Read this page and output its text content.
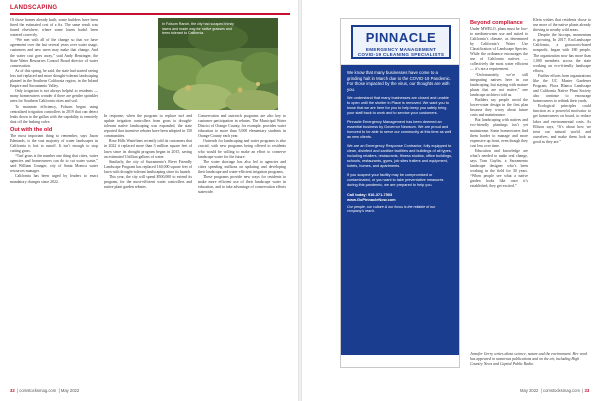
LANDSCAPING

Of those homes already built, some builders have been fined the estimated cost of a fix. The same result was found elsewhere, where some lawns hadn't been watered correctly.

“We met with all of the change so that we have agreement over the last several years over water usage, customers and new users may make that change. And the water cost goes away,” said Andy Benzinger, the State Water Resources Control Board director of water conservation.

As of this spring, he said, the state had started seeing less turf replaced and more drought-tolerant landscaping planted in the Southern California region, in the Inland Empire and Sacramento Valley.

Only irrigation is not always helpful to residents — many homeowners wonder if there are gentler sprinkler rates for Southern California cities and soil.

To maintain efficiency, Folsom began using centralized irrigation controllers in 2019 that can detect leaks down to the gallon with the capability to remotely shut off the leaking valve.

Out with the old

The most important thing to remember, says Jason Edmonds, is the vast majority of water landscapes in California is lost to runoff. It isn’t enough to stop cutting grass.

“Turf grass is the number one thing that cities, water agencies and homeowners can do to cut water waste,” said William Granger, city of Santa Monica water resources manager.

California has been urged by leaders to enact mandatory changes since 2022.

In Folsom Ranch, the city had scraped thirsty lawns and made way for native grasses and trees tolerant to California.

In response, when the program to replace turf and update irrigation controllers from grass to drought-tolerant native landscaping was expanded, the state reported that incentive rebates have been adopted in 150 communities.

Rose Hills Waterlines recently told its customers that in 2022 it replaced more than 3 million square feet of lawn since its drought program began in 2015, saving an estimated 3 billion gallons of water.

Similarly, the city of Sacramento's River Friendly Landscape Program has replaced 160,000 square feet of lawn with drought-tolerant landscaping since its launch.

This year, the city will spend $500,000 to extend its program, for the most-efficient water controllers and native plant garden rebates.

Conservation and outreach programs are also key to customer participation in rebates. The Municipal Water District of Orange County, for example, provides water education to more than 5,000 elementary students in Orange County each year.

Outreach for landscaping and water programs is also crucial, with new programs being offered to residents who would be willing to make an effort to conserve landscape water for the future.

The water shortage has also led to agencies and cities spending millions on updating and developing their landscape and water-efficient irrigation programs.

These programs provide new ways for residents to make more efficient use of their landscape water in education, and to take advantage of conservation efforts statewide.

32  | comstocksmag.com  | May 2022
PINNACLE
EMERGENCY MANAGEMENT
COVID-19 CLEANING SPECIALISTS

We know that many businesses have come to a grinding halt in March due to the COVID-19 Pandemic. For those impacted by the virus, our thoughts are with you.

We understand that many businesses are closed and unable to open until the shelter in Place is removed. We want you to know that we are here for you to help keep you safely bring your staff back to work and to service your customers.

Pinnacle Emergency Management has been deemed an essential business by Governor Newsom. We are proud and honored to be able to serve our community at this time as well as new clients.

We are an Emergency Response Contractor, fully equipped to clean, disinfect and sanitize facilities and buildings of all types, including retailers, restaurants, fitness studios, office buildings, schools, restaurants, gyms, job sites trailers and equipment, hotels, homes, and apartments.

If you suspect your facility may be compromised or contaminated, or you want to take preventative measures during this pandemic, we are prepared to help you.

Call today: 916-371-7503
www.GoPinnacleNow.com
Our people, our culture & our focus is the reliable of our company's reach.
Beyond compliance

Under MWELO, plans must be low- to medium-water use and suited to California’s climate, as determined by California’s Water Use Classification of Landscape Species. While the ordinance encourages the use of California natives — collectively the most water efficient — it’s not a requirement.

“Unfortunately, we’re still integrating natives here in our landscaping, but staying with mature plants that are not native,” one landscape architect told us.

Builders say people avoid the lower-water design in the first plan because they worry about future costs and maintenance.

But landscaping with natives and eco-friendly plantings isn’t yet mainstream. Some homeowners find them harder to manage and more expensive up front, even though they cost less over time.

Education and knowledge are what’s needed to make real change, says Tom Gaylin, a Sacramento landscape designer who’s been working in the field for 30 years. “When people see what a native garden looks like once it’s established, they get excited.”

Klein wishes that residents chose to use more of the native plants already thriving in nearby wild areas.

Despite the hiccups, momentum is growing. In 2017, EcoLandscape California, a grassroots-based nonprofit, began with 180 people. The organization now has more than 1,000 members across the state working on eco-friendly landscape efforts.

Further efforts from organizations like the UC Master Gardener Program, Flora Blanca Landscape and California Native Plant Society also continue to encourage homeowners to rethink their yards.

Ecological principles could function as a powerful motivator to get homeowners on board, to reduce labor and environmental costs. As Ellison says, “It’s about how we treat our natural world, and ourselves, and make them look as good as they are.”

Jennifer Gerry writes about science, nature and the environment. Her work has appeared in numerous publications and on the air, including High Country News and Capital Public Radio.
May 2022  | comstocksmag.com  | 33
